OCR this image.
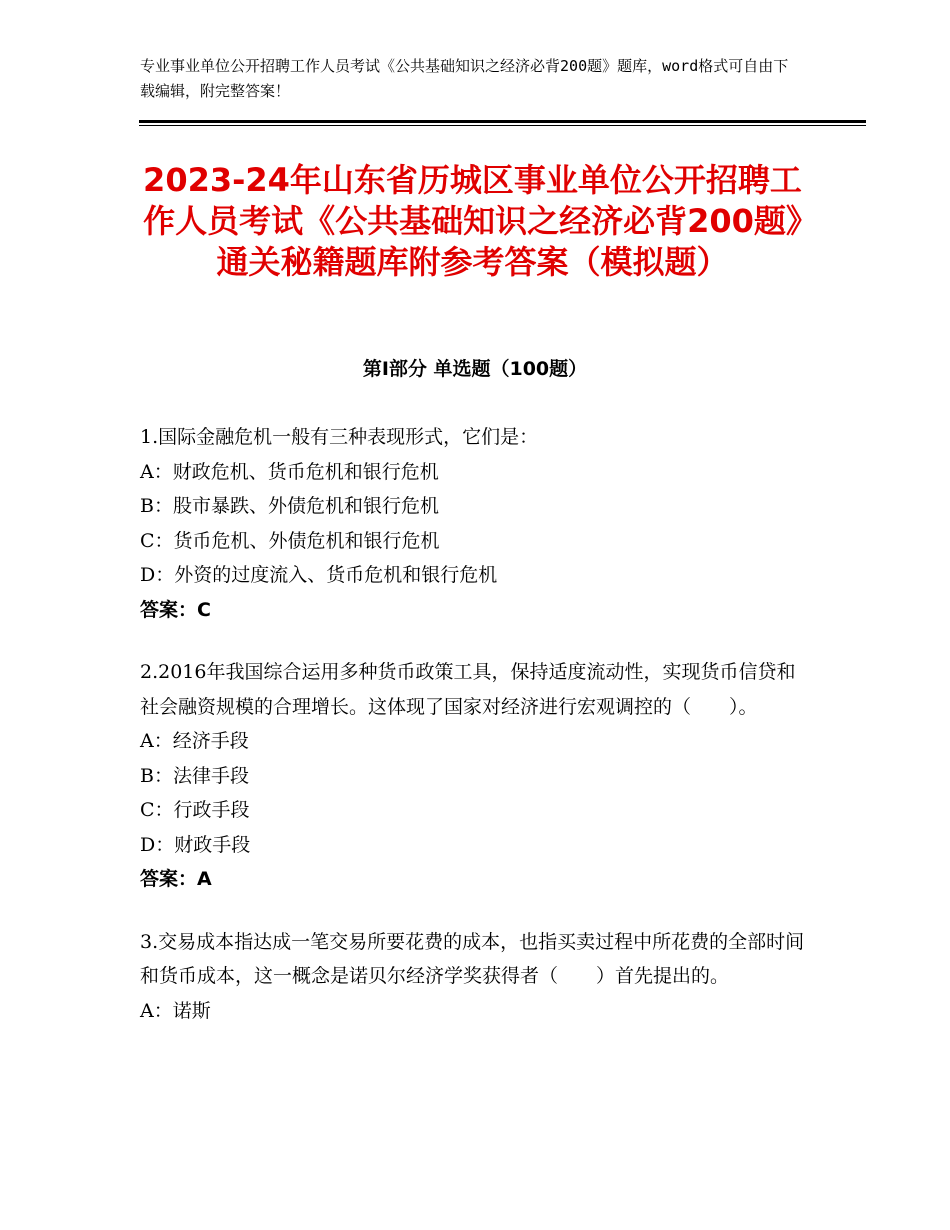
专业事业单位公开招聘工作人员考试《公共基础知识之经济必背200题》题库，word格式可自由下载编辑，附完整答案！
2023-24年山东省历城区事业单位公开招聘工作人员考试《公共基础知识之经济必背200题》通关秘籍题库附参考答案（模拟题）
第Ⅰ部分 单选题（100题）

1.国际金融危机一般有三种表现形式，它们是：

A：财政危机、货币危机和银行危机

B：股市暴跌、外债危机和银行危机

C：货币危机、外债危机和银行危机

D：外资的过度流入、货币危机和银行危机

答案：C

2.2016年我国综合运用多种货币政策工具，保持适度流动性，实现货币信贷和社会融资规模的合理增长。这体现了国家对经济进行宏观调控的（　　）。

A：经济手段

B：法律手段

C：行政手段

D：财政手段

答案：A

3.交易成本指达成一笔交易所要花费的成本，也指买卖过程中所花费的全部时间和货币成本，这一概念是诺贝尔经济学奖获得者（　　）首先提出的。

A：诺斯
